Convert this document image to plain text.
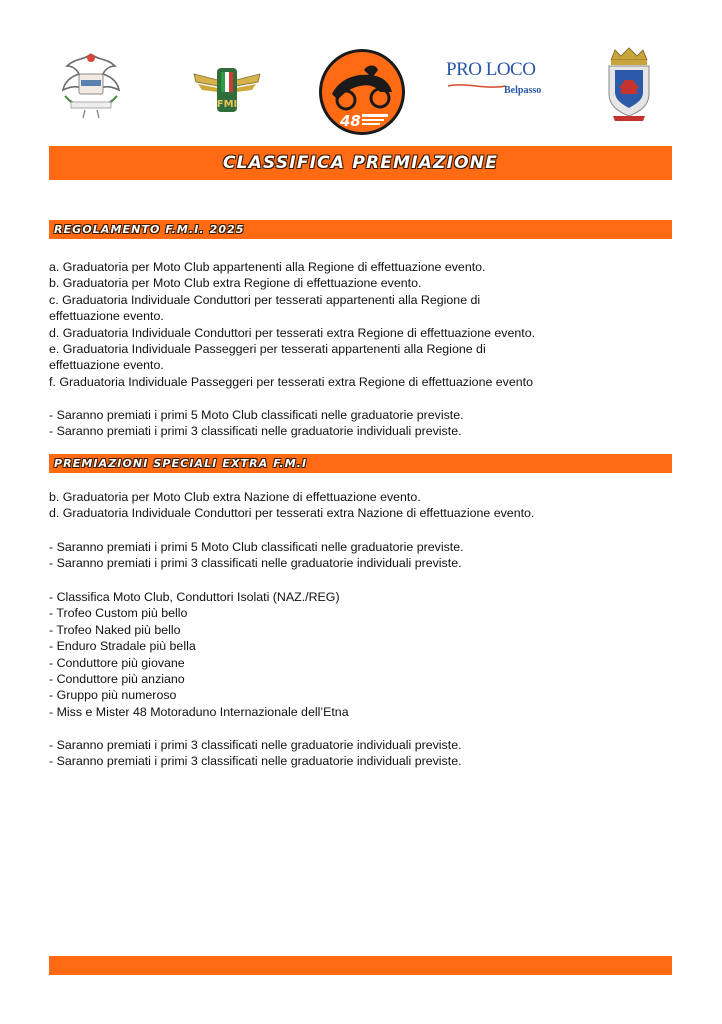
FMI
48
PRO LOCO
Belpasso
CLASSIFICA PREMIAZIONE
REGOLAMENTO F.M.I. 2025
a. Graduatoria per Moto Club appartenenti alla Regione di effettuazione evento.
b. Graduatoria per Moto Club extra Regione di effettuazione evento.
c. Graduatoria Individuale Conduttori per tesserati appartenenti alla Regione di
effettuazione evento.
d. Graduatoria Individuale Conduttori per tesserati extra Regione di effettuazione evento.
e. Graduatoria Individuale Passeggeri per tesserati appartenenti alla Regione di
effettuazione evento.
f. Graduatoria Individuale Passeggeri per tesserati extra Regione di effettuazione evento
- Saranno premiati i primi 5 Moto Club classificati nelle graduatorie previste.
- Saranno premiati i primi 3 classificati nelle graduatorie individuali previste.
PREMIAZIONI SPECIALI EXTRA F.M.I
b. Graduatoria per Moto Club extra Nazione di effettuazione evento.
d. Graduatoria Individuale Conduttori per tesserati extra Nazione di effettuazione evento.
- Saranno premiati i primi 5 Moto Club classificati nelle graduatorie previste.
- Saranno premiati i primi 3 classificati nelle graduatorie individuali previste.
- Classifica Moto Club, Conduttori Isolati (NAZ./REG)
- Trofeo Custom più bello
- Trofeo Naked più bello
- Enduro Stradale più bella
- Conduttore più giovane
- Conduttore più anziano
- Gruppo più numeroso
- Miss e Mister 48 Motoraduno Internazionale dell’Etna
- Saranno premiati i primi 3 classificati nelle graduatorie individuali previste.
- Saranno premiati i primi 3 classificati nelle graduatorie individuali previste.
